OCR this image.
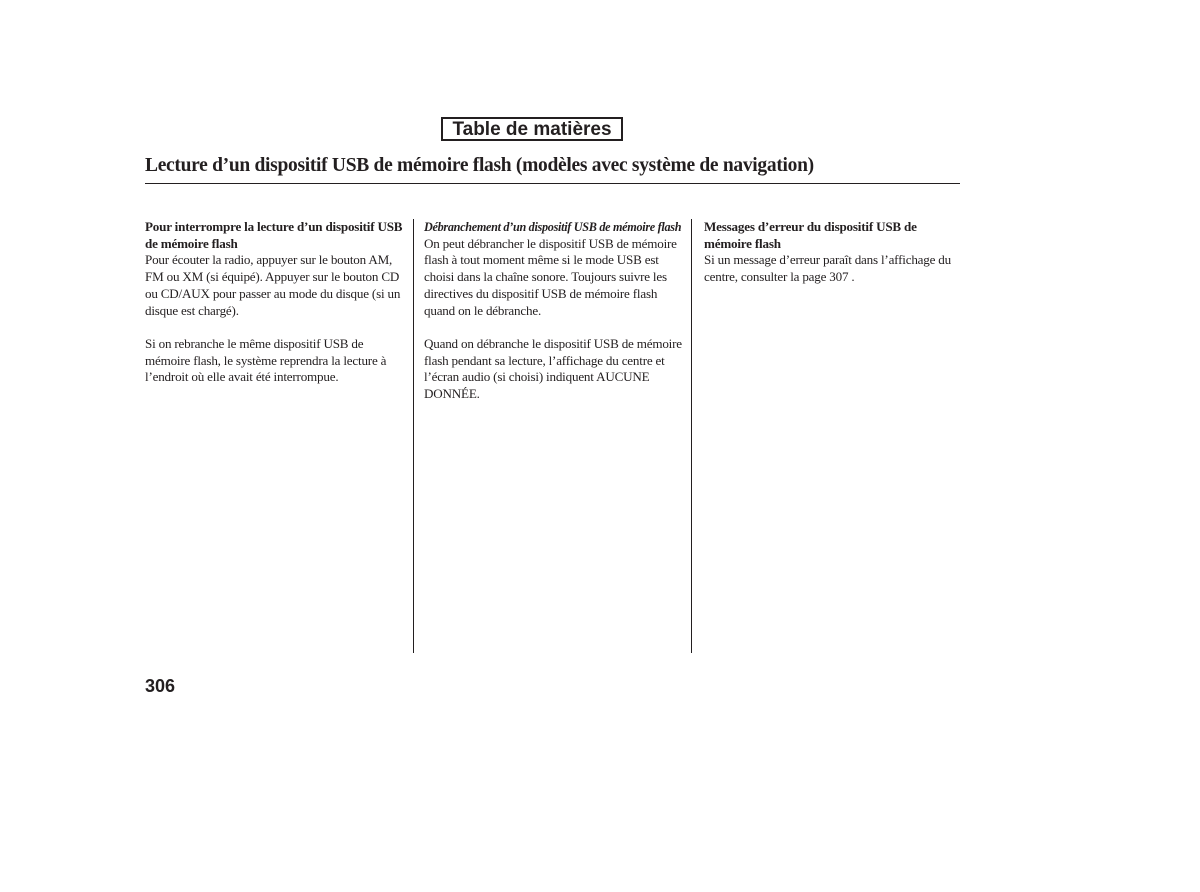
Table de matières
Lecture d’un dispositif USB de mémoire flash (modèles avec système de navigation)

Pour interrompre la lecture d’un dispositif USB de mémoire flash

Pour écouter la radio, appuyer sur le bouton AM, FM ou XM (si équipé). Appuyer sur le bouton CD ou CD/AUX pour passer au mode du disque (si un disque est chargé).

Si on rebranche le même dispositif USB de mémoire flash, le système reprendra la lecture à l’endroit où elle avait été interrompue.

Débranchement d’un dispositif USB de mémoire flash

On peut débrancher le dispositif USB de mémoire flash à tout moment même si le mode USB est choisi dans la chaîne sonore. Toujours suivre les directives du dispositif USB de mémoire flash quand on le débranche.

Quand on débranche le dispositif USB de mémoire flash pendant sa lecture, l’affichage du centre et l’écran audio (si choisi) indiquent AUCUNE DONNÉE.

Messages d’erreur du dispositif USB de mémoire flash

Si un message d’erreur paraît dans l’affichage du centre, consulter la page 307 .

306
